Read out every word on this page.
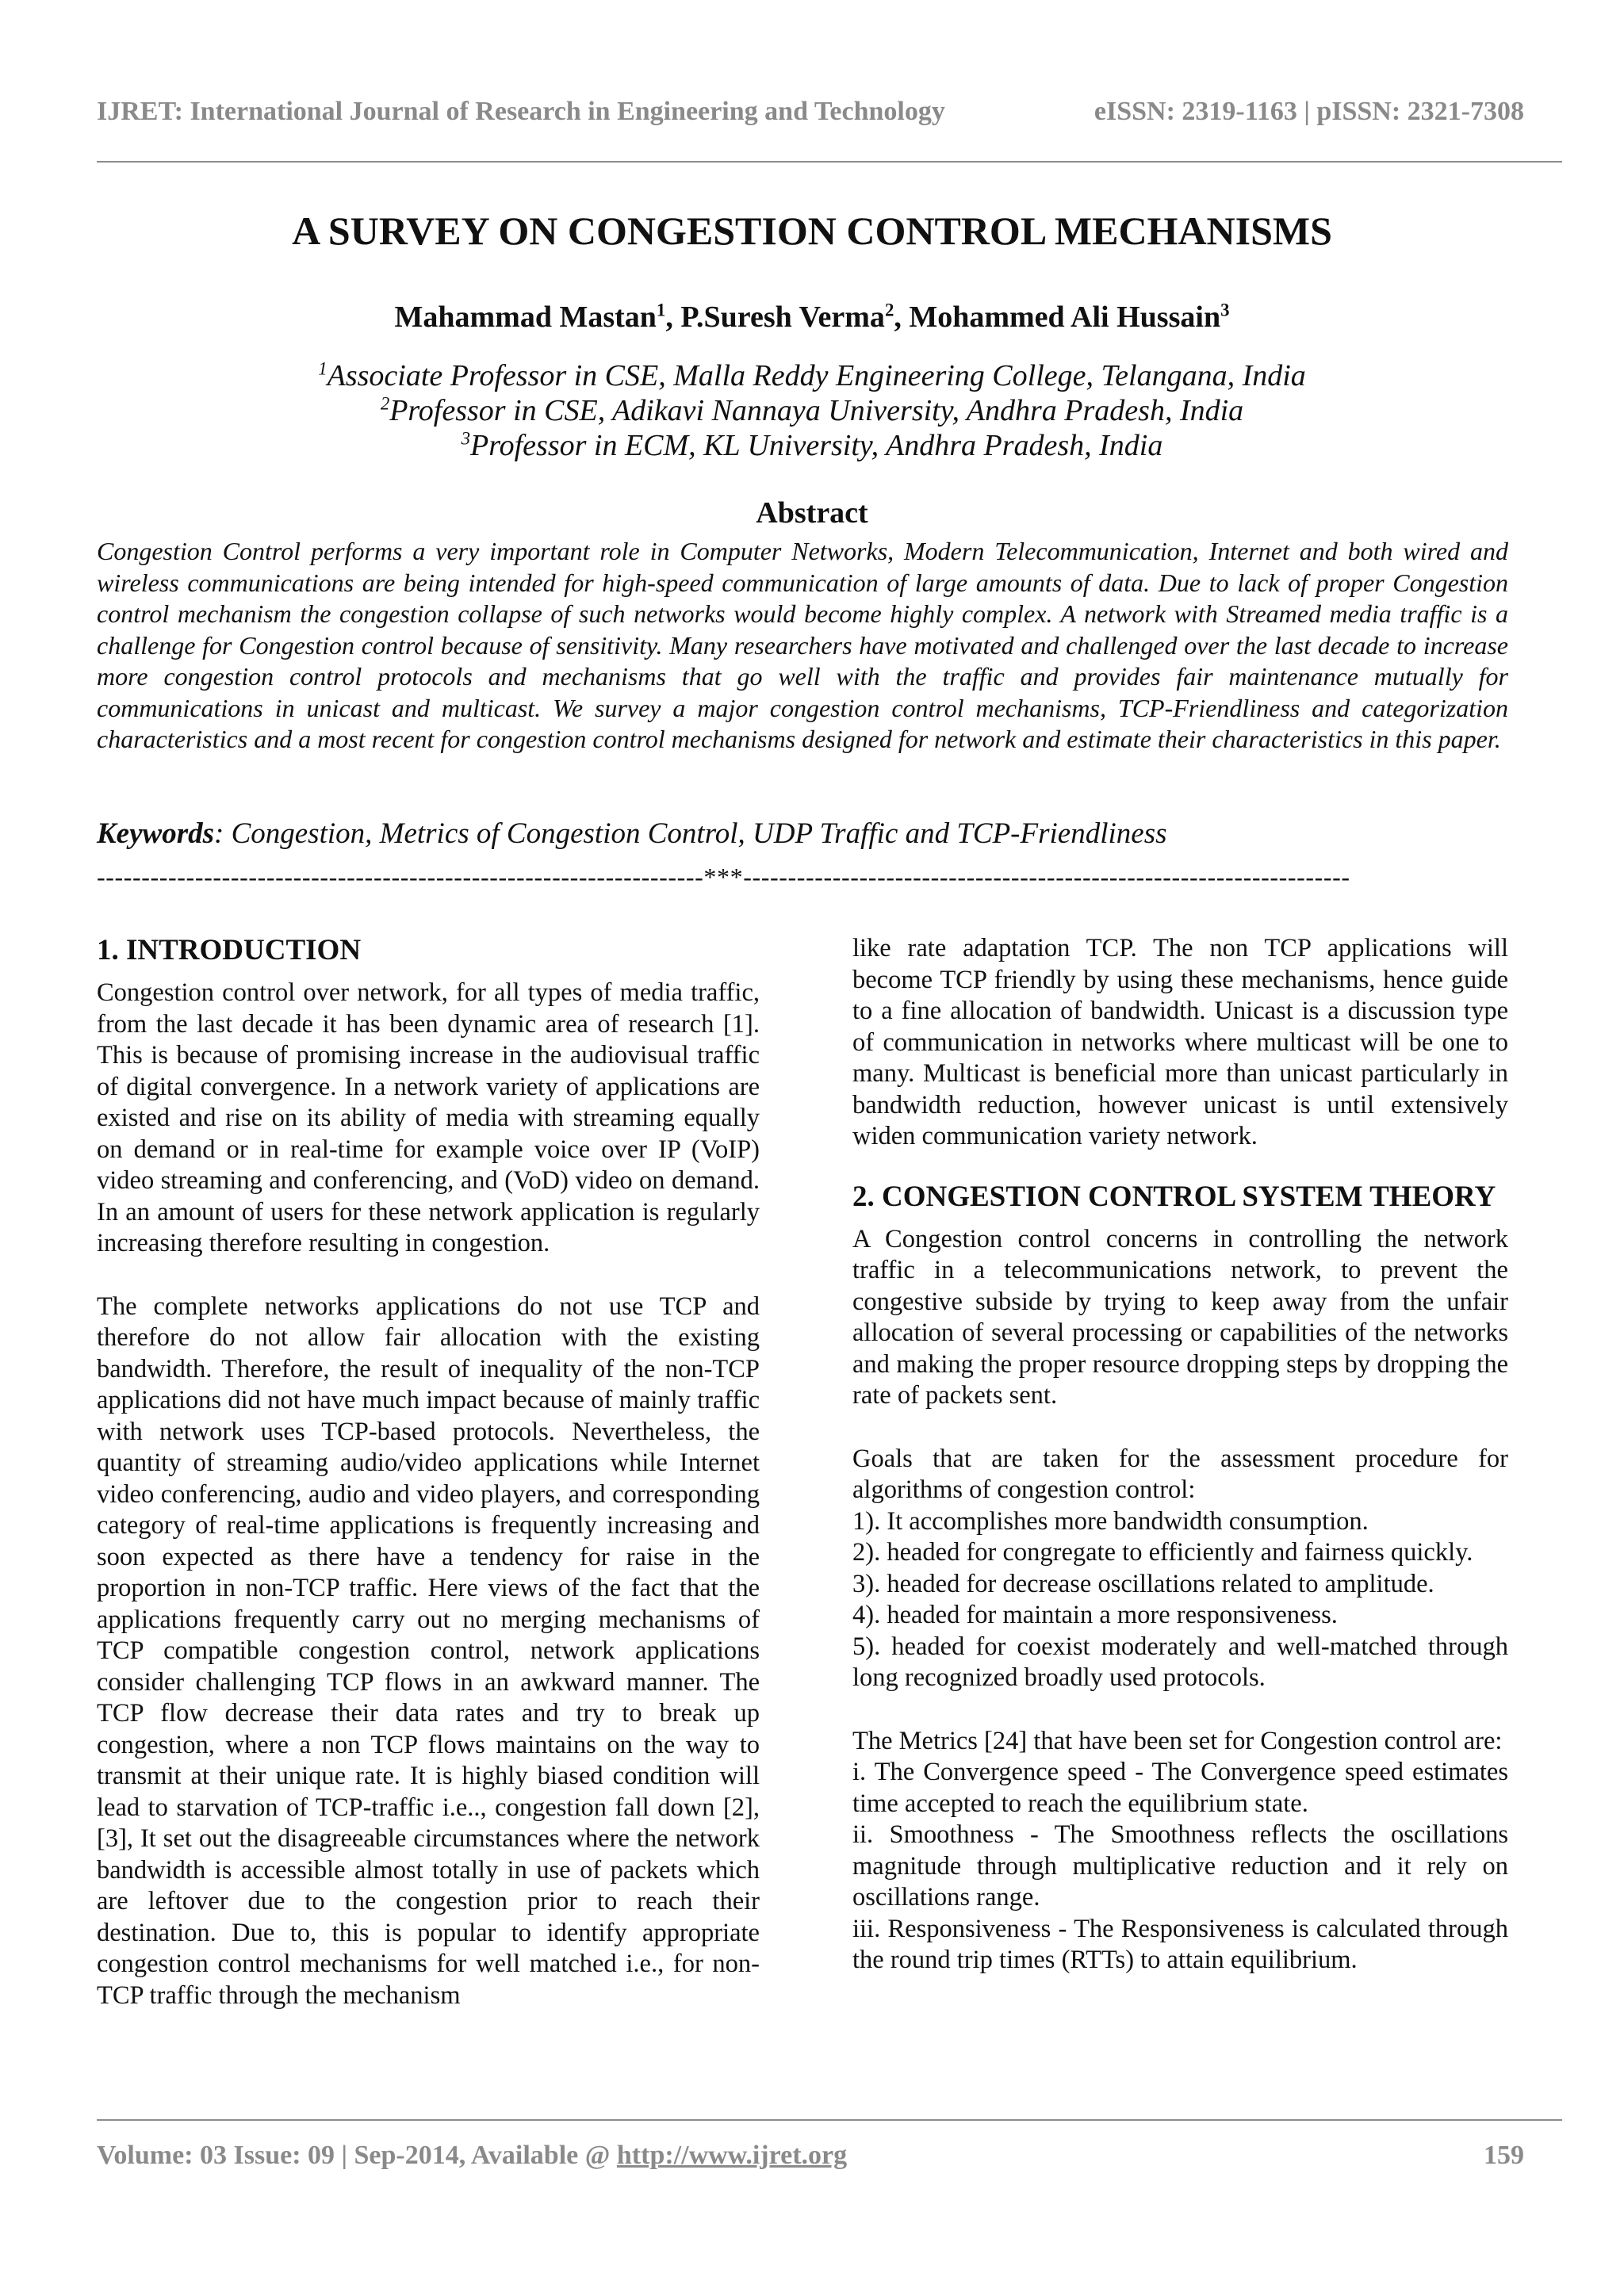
IJRET: International Journal of Research in Engineering and Technology	eISSN: 2319-1163 | pISSN: 2321-7308
A SURVEY ON CONGESTION CONTROL MECHANISMS
Mahammad Mastan$^1$, P.Suresh Verma$^2$, Mohammed Ali Hussain$^3$
$^1$Associate Professor in CSE, Malla Reddy Engineering College, Telangana, India
$^2$Professor in CSE, Adikavi Nannaya University, Andhra Pradesh, India
$^3$Professor in ECM, KL University, Andhra Pradesh, India
Abstract
Congestion Control performs a very important role in Computer Networks, Modern Telecommunication, Internet and both wired and wireless communications are being intended for high-speed communication of large amounts of data. Due to lack of proper Congestion control mechanism the congestion collapse of such networks would become highly complex. A network with Streamed media traffic is a challenge for Congestion control because of sensitivity. Many researchers have motivated and challenged over the last decade to increase more congestion control protocols and mechanisms that go well with the traffic and provides fair maintenance mutually for communications in unicast and multicast. We survey a major congestion control mechanisms, TCP-Friendliness and categorization characteristics and a most recent for congestion control mechanisms designed for network and estimate their characteristics in this paper.
Keywords: Congestion, Metrics of Congestion Control, UDP Traffic and TCP-Friendliness
--------------------------------------------------------------------***--------------------------------------------------------------------
1. INTRODUCTION

Congestion control over network, for all types of media traffic, from the last decade it has been dynamic area of research [1]. This is because of promising increase in the audiovisual traffic of digital convergence. In a network variety of applications are existed and rise on its ability of media with streaming equally on demand or in real-time for example voice over IP (VoIP) video streaming and conferencing, and (VoD) video on demand. In an amount of users for these network application is regularly increasing therefore resulting in congestion.

The complete networks applications do not use TCP and therefore do not allow fair allocation with the existing bandwidth. Therefore, the result of inequality of the non-TCP applications did not have much impact because of mainly traffic with network uses TCP-based protocols. Nevertheless, the quantity of streaming audio/video applications while Internet video conferencing, audio and video players, and corresponding category of real-time applications is frequently increasing and soon expected as there have a tendency for raise in the proportion in non-TCP traffic. Here views of the fact that the applications frequently carry out no merging mechanisms of TCP compatible congestion control, network applications consider challenging TCP flows in an awkward manner. The TCP flow decrease their data rates and try to break up congestion, where a non TCP flows maintains on the way to transmit at their unique rate. It is highly biased condition will lead to starvation of TCP-traffic i.e.., congestion fall down [2], [3], It set out the disagreeable circumstances where the network bandwidth is accessible almost totally in use of packets which are leftover due to the congestion prior to reach their destination. Due to, this is popular to identify appropriate congestion control mechanisms for well matched i.e., for non-TCP traffic through the mechanism

like rate adaptation TCP. The non TCP applications will become TCP friendly by using these mechanisms, hence guide to a fine allocation of bandwidth. Unicast is a discussion type of communication in networks where multicast will be one to many. Multicast is beneficial more than unicast particularly in bandwidth reduction, however unicast is until extensively widen communication variety network.

2. CONGESTION CONTROL SYSTEM THEORY

A Congestion control concerns in controlling the network traffic in a telecommunications network, to prevent the congestive subside by trying to keep away from the unfair allocation of several processing or capabilities of the networks and making the proper resource dropping steps by dropping the rate of packets sent.

Goals that are taken for the assessment procedure for algorithms of congestion control:

1). It accomplishes more bandwidth consumption.
2). headed for congregate to efficiently and fairness quickly.
3). headed for decrease oscillations related to amplitude.
4). headed for maintain a more responsiveness.

5). headed for coexist moderately and well-matched through long recognized broadly used protocols.

The Metrics [24] that have been set for Congestion control are:

i. The Convergence speed - The Convergence speed estimates time accepted to reach the equilibrium state.

ii. Smoothness - The Smoothness reflects the oscillations magnitude through multiplicative reduction and it rely on oscillations range.

iii. Responsiveness - The Responsiveness is calculated through the round trip times (RTTs) to attain equilibrium.

Volume: 03 Issue: 09 | Sep-2014, Available @ http://www.ijret.org	159
